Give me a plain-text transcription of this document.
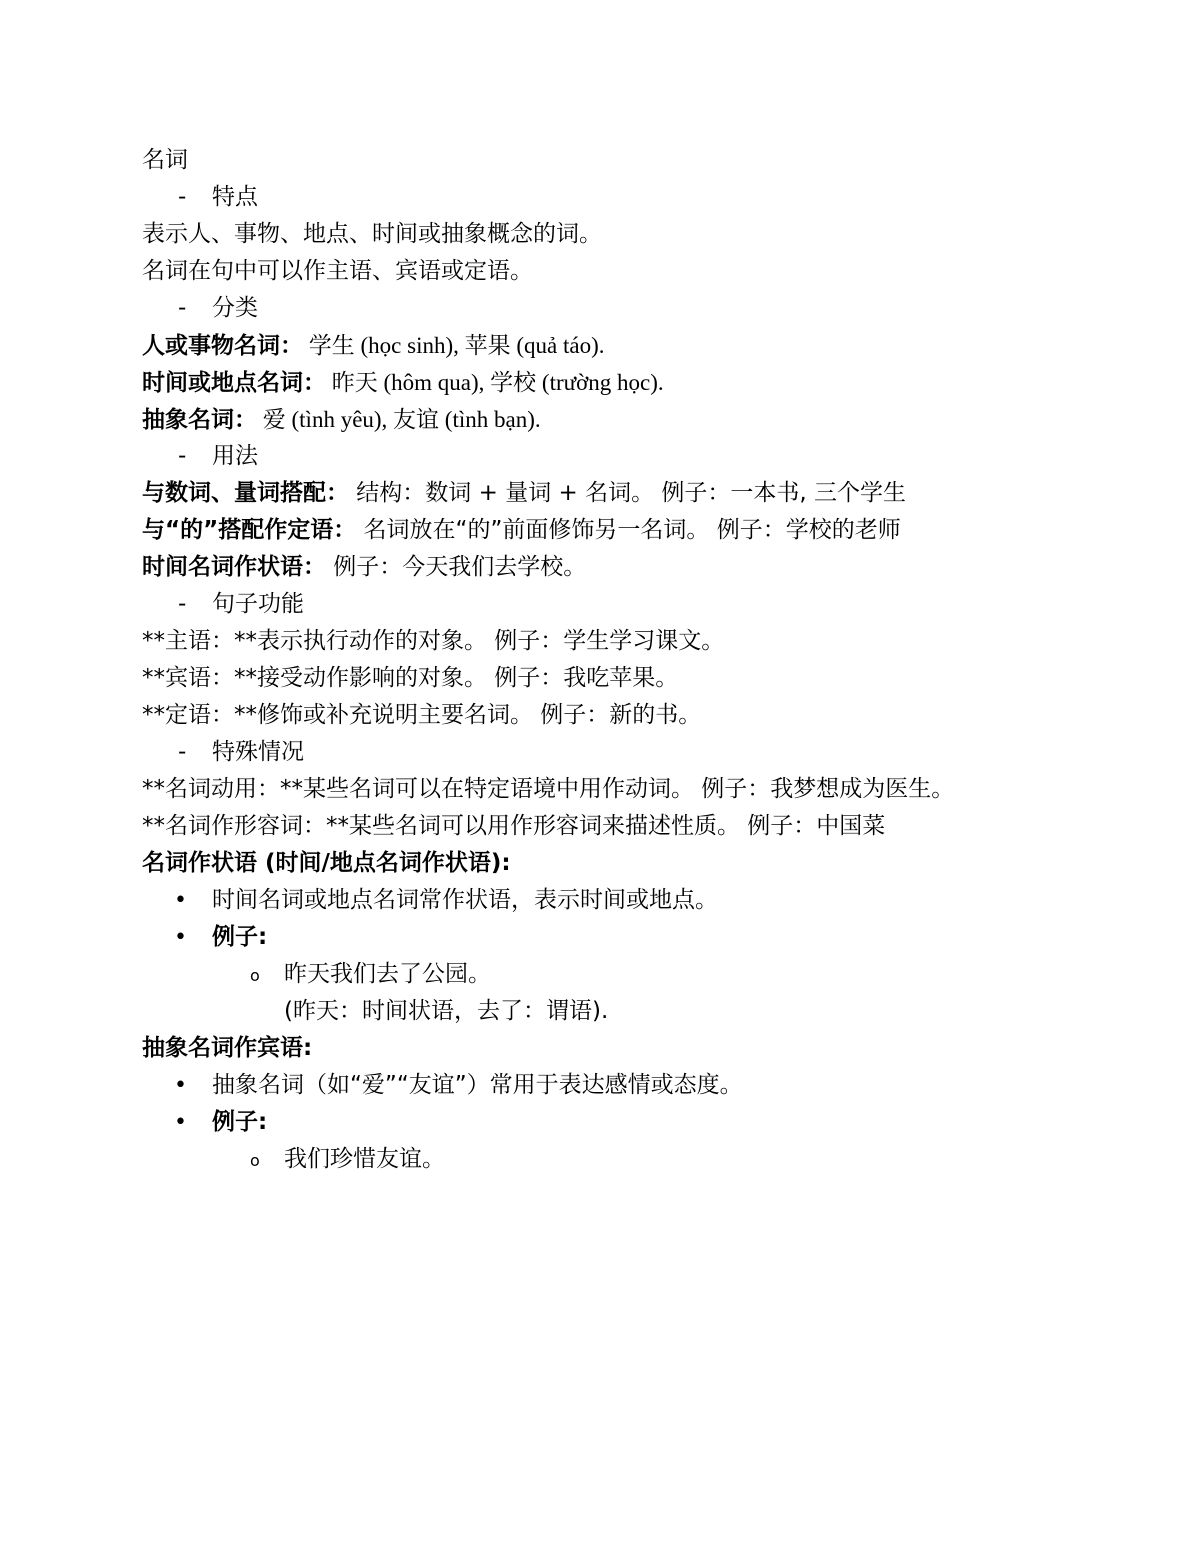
名词
- 特点
表示人、事物、地点、时间或抽象概念的词。
名词在句中可以作主语、宾语或定语。
- 分类
人或事物名词： 学生 (học sinh), 苹果 (quả táo).
时间或地点名词： 昨天 (hôm qua), 学校 (trường học).
抽象名词： 爱 (tình yêu), 友谊 (tình bạn).
- 用法
与数词、量词搭配： 结构：数词 + 量词 + 名词。 例子：一本书, 三个学生
与“的”搭配作定语： 名词放在“的”前面修饰另一名词。 例子：学校的老师
时间名词作状语： 例子：今天我们去学校。
- 句子功能
**主语：**表示执行动作的对象。 例子：学生学习课文。
**宾语：**接受动作影响的对象。 例子：我吃苹果。
**定语：**修饰或补充说明主要名词。 例子：新的书。
- 特殊情况
**名词动用：**某些名词可以在特定语境中用作动词。 例子：我梦想成为医生。
**名词作形容词：**某些名词可以用作形容词来描述性质。 例子：中国菜
名词作状语 (时间/地点名词作状语):
• 时间名词或地点名词常作状语，表示时间或地点。
• 例子:
o 昨天我们去了公园。
(昨天：时间状语，去了：谓语).
抽象名词作宾语:
• 抽象名词（如“爱”“友谊”）常用于表达感情或态度。
• 例子:
o 我们珍惜友谊。
